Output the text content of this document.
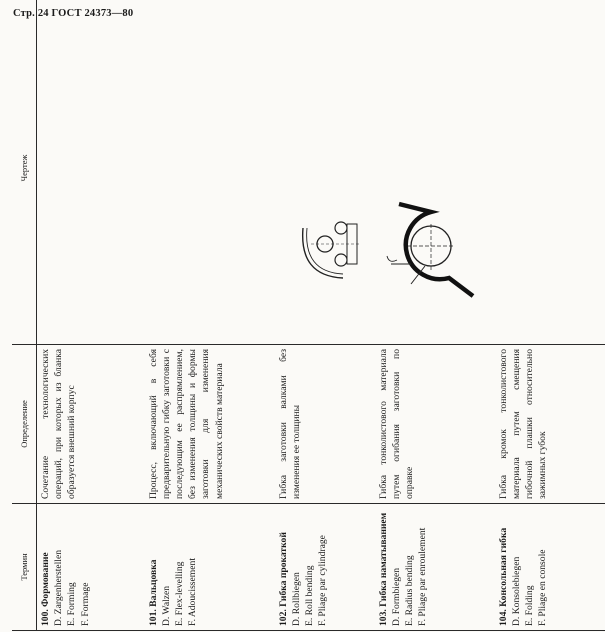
Стр. 24 ГОСТ 24373—80
Термин	Определение	Чертеж

100. Формование D. Zargenherstellen E. Forming F. Formage	Сочетание технологических операций, при которых из бланка образуется внешний корпус	

101. Вальцовка D. Walzen E. Flex-levelling F. Adoucissement	Процесс, включающий в себя предварительную гибку заготовки с последующим ее распрямлением, без изменения толщины и формы заготовки для изменения механических свойств материала	

102. Гибка прокаткой D. Rollbiegen E. Roll bending F. Pliage par cylindrage	Гибка заготовки валками без изменения ее толщины

103. Гибка наматыванием D. Formbiegen E. Radius bending F. Pliage par enroulement	Гибка тонколистового материала путем огибания заготовки по оправке

104. Консольная гибка D. Konsolebiegen E. Folding F. Pliage en console	Гибка кромок тонколистового материала путем смещения гибочной плашки относительно зажимных губок	
